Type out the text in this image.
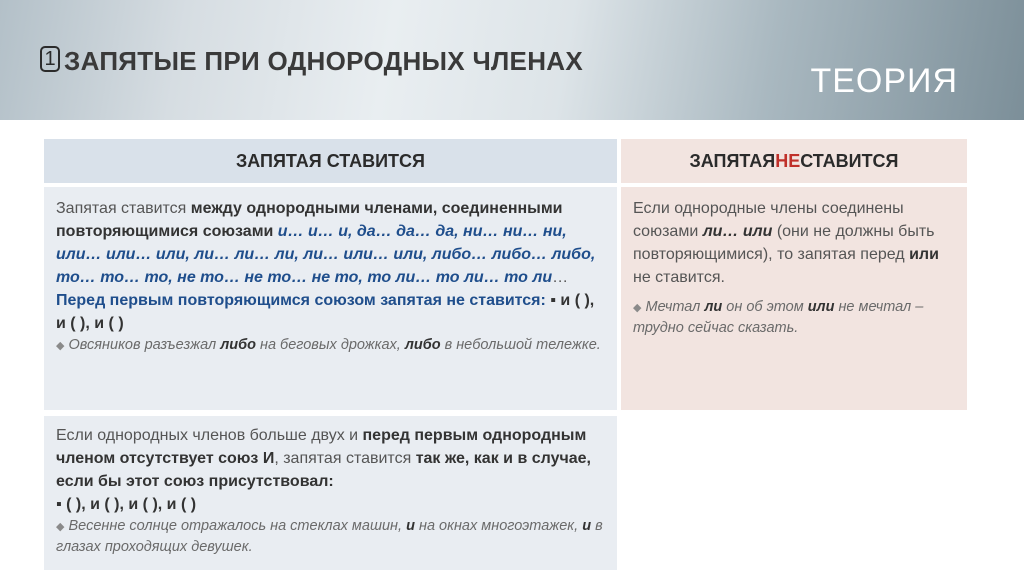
1 ЗАПЯТЫЕ ПРИ ОДНОРОДНЫХ ЧЛЕНАХ
ТЕОРИЯ
ЗАПЯТАЯ СТАВИТСЯ	ЗАПЯТАЯ НЕ СТАВИТСЯ

Запятая ставится между однородными членами, соединенными повторяющимися союзами и… и… и, да… да… да, ни… ни… ни, или… или… или, ли… ли… ли, ли… или… или, либо… либо… либо, то… то… то, не то… не то… не то, то ли… то ли… то ли…

Перед первым повторяющимся союзом запятая не ставится: ▪ и ( ), и ( ), и ( )

◆ Овсяников разъезжал либо на беговых дрожках, либо в небольшой тележке.

Если однородные члены соединены союзами ли… или (они не должны быть повторяющимися), то запятая перед или не ставится.

◆ Мечтал ли он об этом или не мечтал – трудно сейчас сказать.

Если однородных членов больше двух и перед первым однородным членом отсутствует союз И, запятая ставится так же, как и в случае, если бы этот союз присутствовал:

▪ ( ), и ( ), и ( ), и ( )

◆ Весенне солнце отражалось на стеклах машин, и на окнах многоэтажек, и в глазах проходящих девушек.
